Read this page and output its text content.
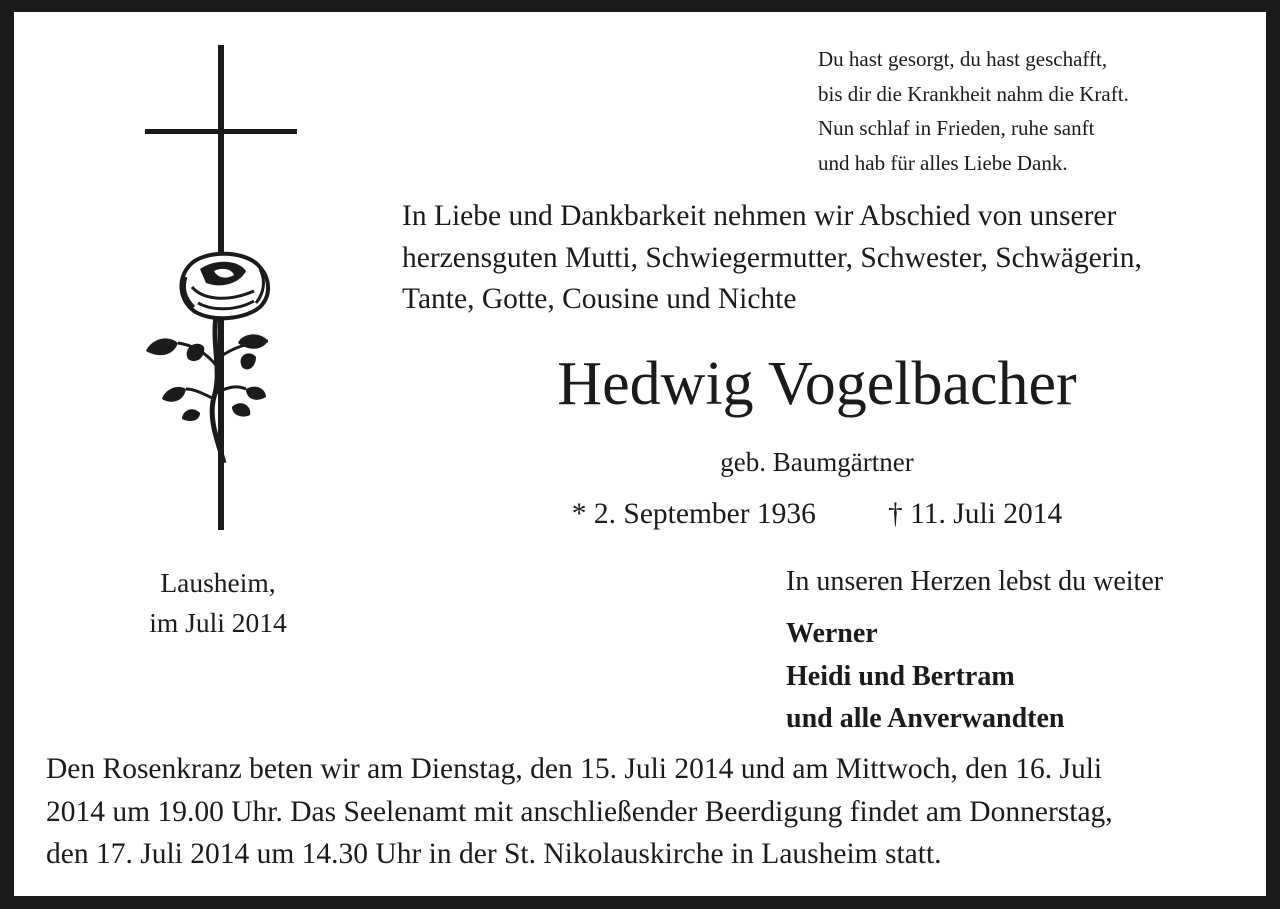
Du hast gesorgt, du hast geschafft,
bis dir die Krankheit nahm die Kraft.
Nun schlaf in Frieden, ruhe sanft
und hab für alles Liebe Dank.
In Liebe und Dankbarkeit nehmen wir Abschied von unserer
herzensguten Mutti, Schwiegermutter, Schwester, Schwägerin,
Tante, Gotte, Cousine und Nichte
Hedwig Vogelbacher
geb. Baumgärtner
* 2. September 1936 † 11. Juli 2014
Lausheim,
im Juli 2014
In unseren Herzen lebst du weiter
Werner
Heidi und Bertram
und alle Anverwandten
Den Rosenkranz beten wir am Dienstag, den 15. Juli 2014 und am Mittwoch, den 16. Juli
2014 um 19.00 Uhr. Das Seelenamt mit anschließender Beerdigung findet am Donnerstag,
den 17. Juli 2014 um 14.30 Uhr in der St. Nikolauskirche in Lausheim statt.
